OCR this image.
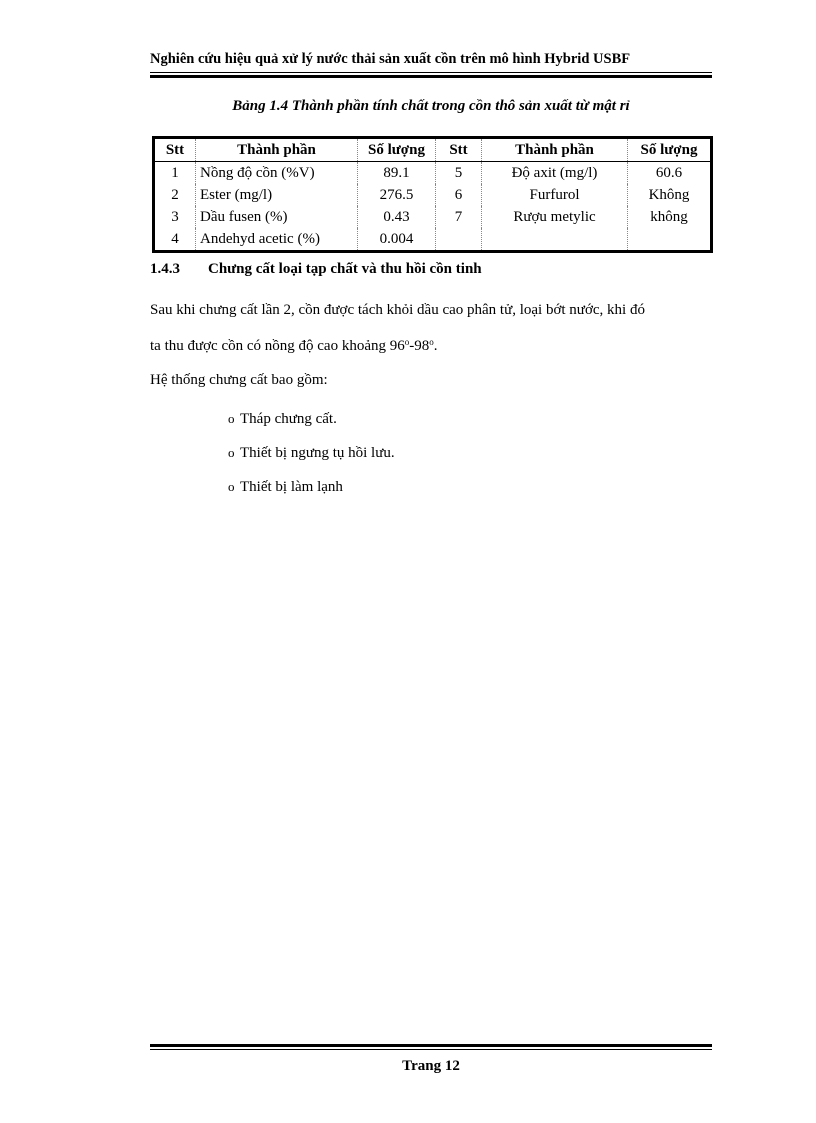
Nghiên cứu hiệu quả xử lý nước thải sản xuất cồn trên mô hình Hybrid USBF
Bảng 1.4 Thành phần tính chất trong cồn thô sản xuất từ mật rỉ
Stt	Thành phần	Số lượng	Stt	Thành phần	Số lượng
1	Nồng độ cồn (%V)	89.1	5	Độ axit (mg/l)	60.6
2	Ester (mg/l)	276.5	6	Furfurol	Không
3	Dầu fusen (%)	0.43	7	Rượu metylic	không
4	Andehyd acetic (%)	0.004			
1.4.3 Chưng cất loại tạp chất và thu hồi cồn tinh
Sau khi chưng cất lần 2, cồn được tách khỏi dầu cao phân tử, loại bớt nước, khi đó
ta thu được cồn có nồng độ cao khoảng 96$^o$-98$^o$.
Hệ thống chưng cất bao gồm:
o Tháp chưng cất.
o Thiết bị ngưng tụ hồi lưu.
o Thiết bị làm lạnh
Trang 12
